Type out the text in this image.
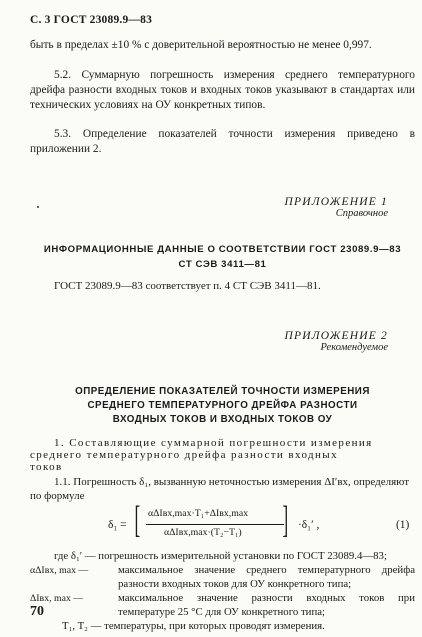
С. 3 ГОСТ 23089.9—83
быть в пределах ±10 % с доверительной вероятностью не менее 0,997.
5.2. Суммарную погрешность измерения среднего температурного дрейфа разности входных токов и входных токов указывают в стандартах или технических условиях на ОУ конкретных типов.
5.3. Определение показателей точности измерения приведено в приложении 2.
ПРИЛОЖЕНИЕ 1
Справочное
ИНФОРМАЦИОННЫЕ ДАННЫЕ О СООТВЕТСТВИИ ГОСТ 23089.9—83
СТ СЭВ 3411—81
ГОСТ 23089.9—83 соответствует п. 4 СТ СЭВ 3411—81.
ПРИЛОЖЕНИЕ 2
Рекомендуемое
ОПРЕДЕЛЕНИЕ ПОКАЗАТЕЛЕЙ ТОЧНОСТИ ИЗМЕРЕНИЯ
СРЕДНЕГО ТЕМПЕРАТУРНОГО ДРЕЙФА РАЗНОСТИ
ВХОДНЫХ ТОКОВ И ВХОДНЫХ ТОКОВ ОУ
1. Составляющие суммарной погрешности измерения
среднего температурного дрейфа разности входных
токов
1.1. Погрешность δ₁, вызванную неточностью измерения ΔI′вх, определяют
по формуле
δ₁ = [ αΔIвх,max·T₁+ΔIвх,max
αΔIвх,max·(T₂−T₁) ] ·δ₁′ ,	(1)
где δ₁′ — погрешность измерительной установки по ГОСТ 23089.4—83;
αΔIвх, max —	максимальное значение среднего температурного дрейфа разности входных токов для ОУ конкретного типа;
ΔIвх, max —	максимальное значение разности входных токов при температуре 25 °С для ОУ конкретного типа;
T₁, T₂ — температуры, при которых проводят измерения.
70
